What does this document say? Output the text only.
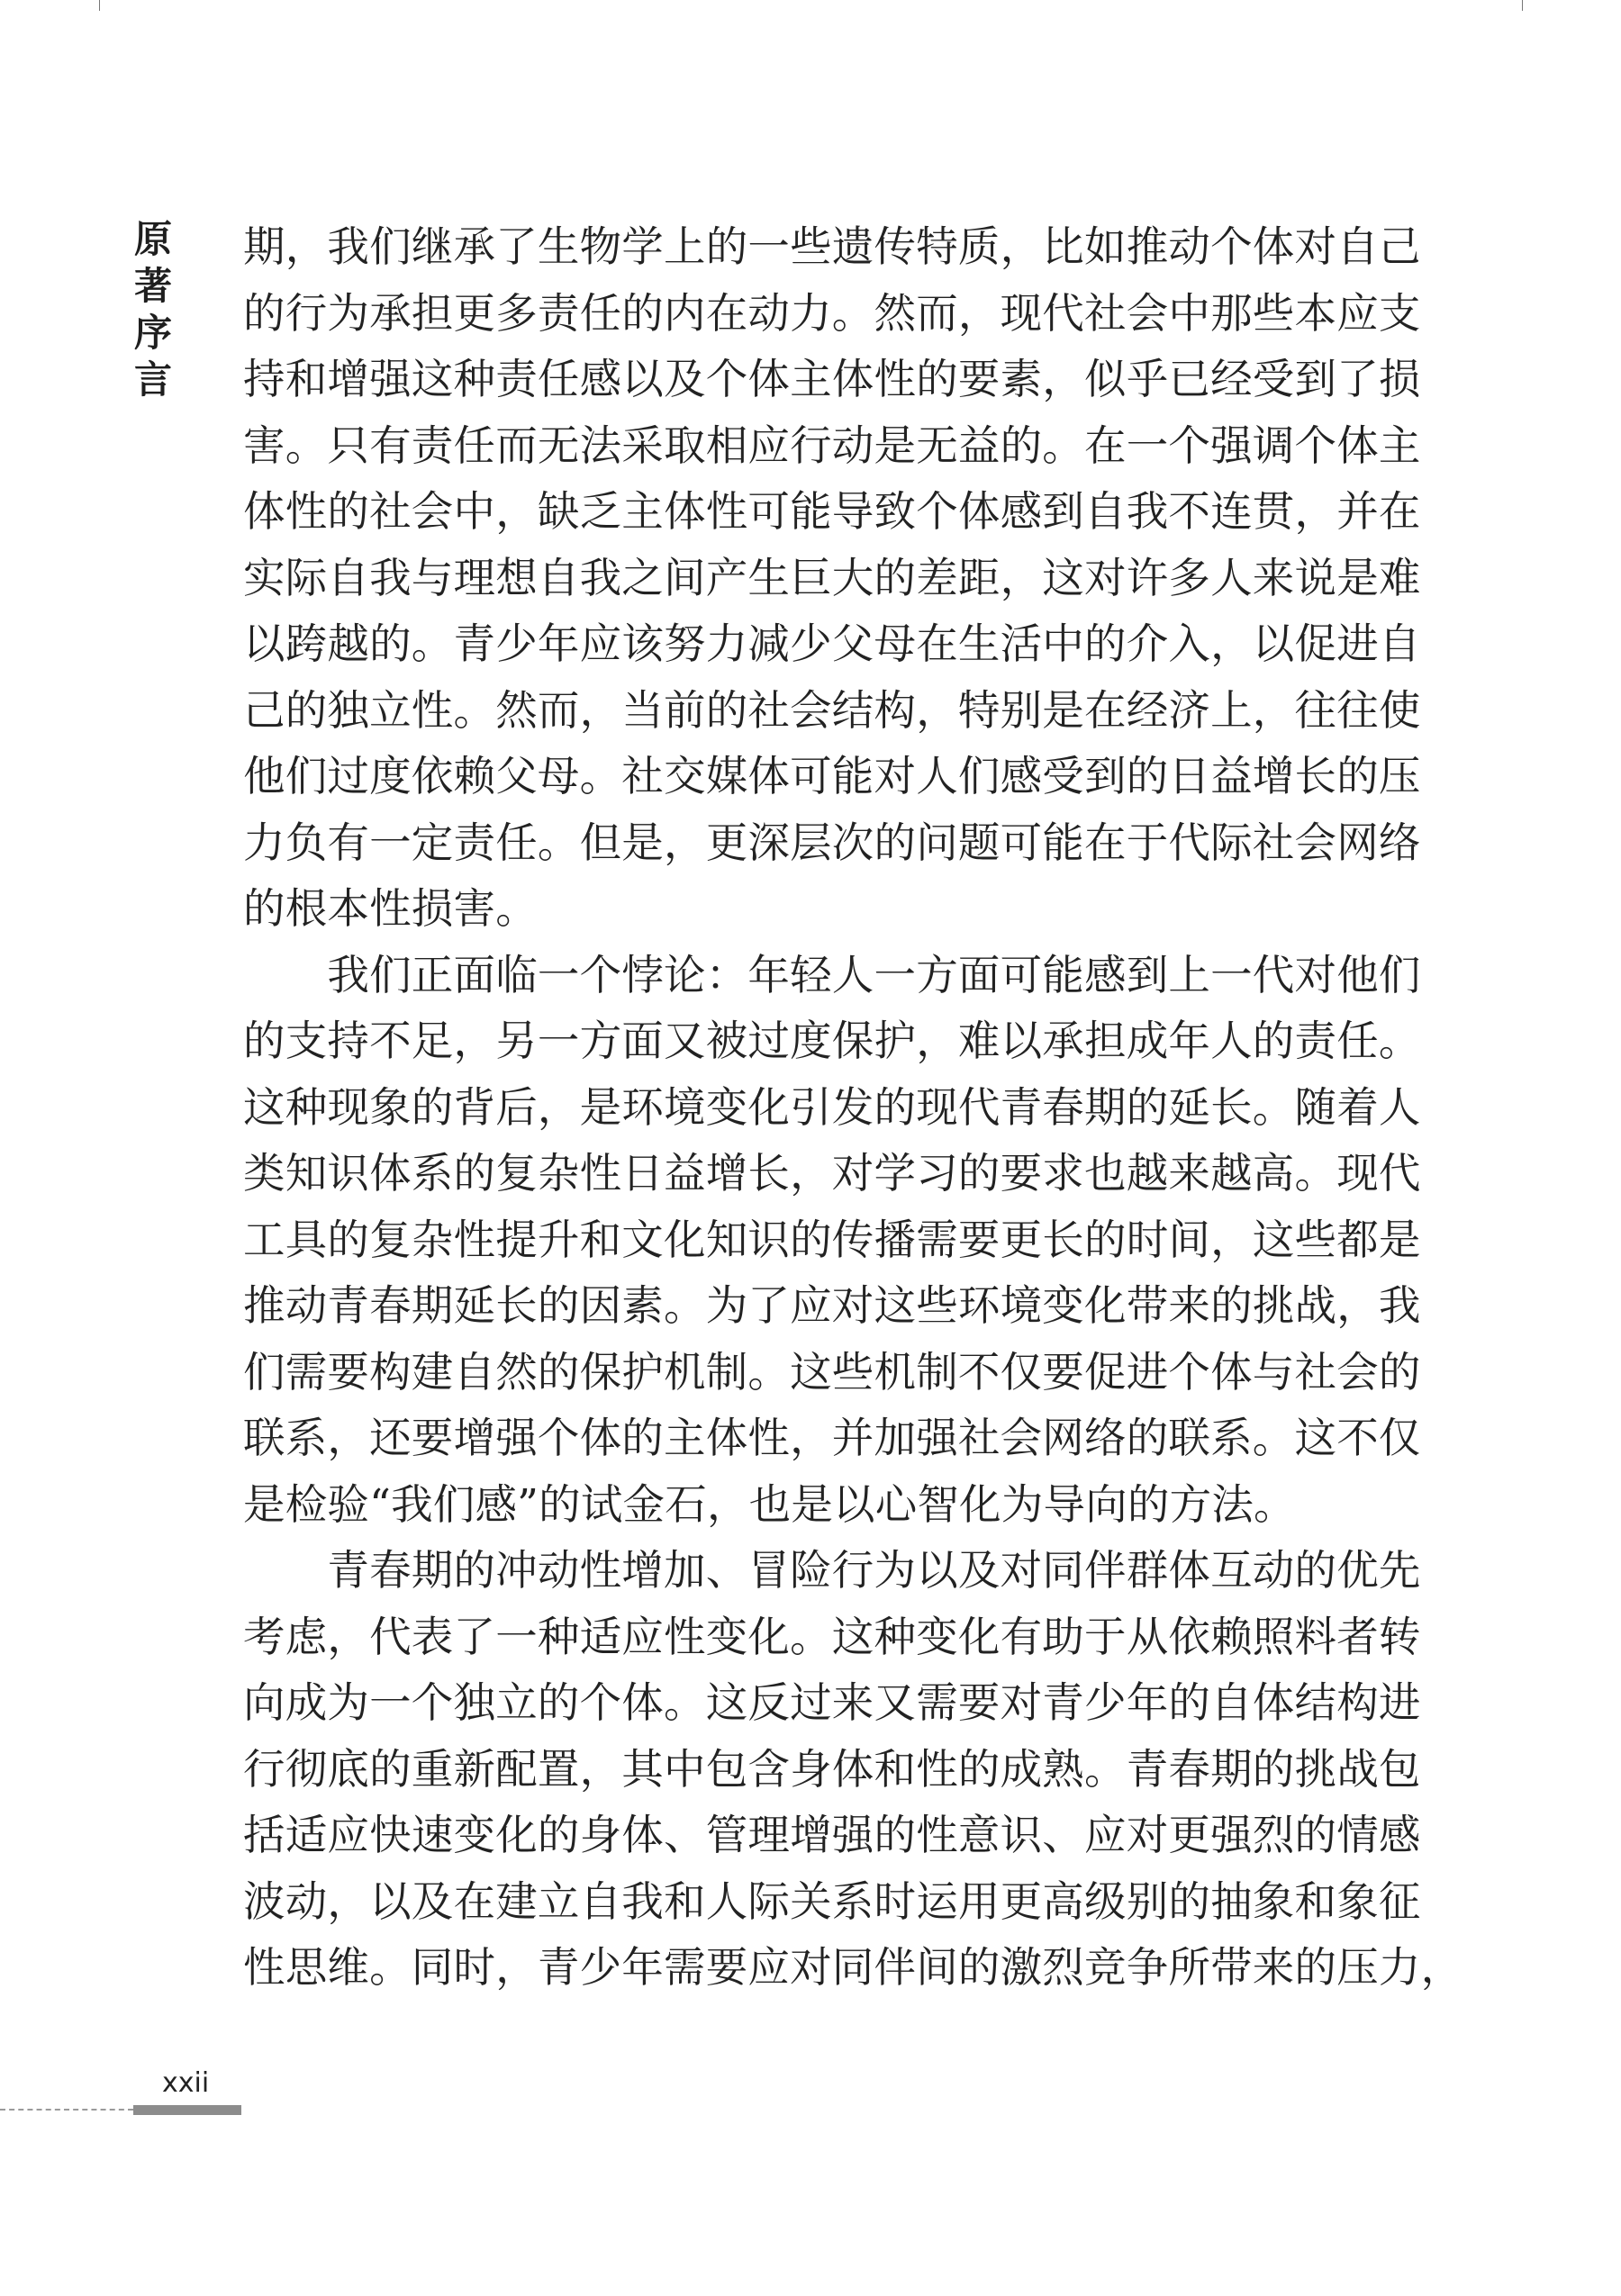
原
著
序
言

期，我们继承了生物学上的一些遗传特质，比如推动个体对自己
的行为承担更多责任的内在动力。然而，现代社会中那些本应支
持和增强这种责任感以及个体主体性的要素，似乎已经受到了损
害。只有责任而无法采取相应行动是无益的。在一个强调个体主
体性的社会中，缺乏主体性可能导致个体感到自我不连贯，并在
实际自我与理想自我之间产生巨大的差距，这对许多人来说是难
以跨越的。青少年应该努力减少父母在生活中的介入，以促进自
己的独立性。然而，当前的社会结构，特别是在经济上，往往使
他们过度依赖父母。社交媒体可能对人们感受到的日益增长的压
力负有一定责任。但是，更深层次的问题可能在于代际社会网络
的根本性损害。

　　我们正面临一个悖论：年轻人一方面可能感到上一代对他们
的支持不足，另一方面又被过度保护，难以承担成年人的责任。
这种现象的背后，是环境变化引发的现代青春期的延长。随着人
类知识体系的复杂性日益增长，对学习的要求也越来越高。现代
工具的复杂性提升和文化知识的传播需要更长的时间，这些都是
推动青春期延长的因素。为了应对这些环境变化带来的挑战，我
们需要构建自然的保护机制。这些机制不仅要促进个体与社会的
联系，还要增强个体的主体性，并加强社会网络的联系。这不仅
是检验“我们感”的试金石，也是以心智化为导向的方法。

　　青春期的冲动性增加、冒险行为以及对同伴群体互动的优先
考虑，代表了一种适应性变化。这种变化有助于从依赖照料者转
向成为一个独立的个体。这反过来又需要对青少年的自体结构进
行彻底的重新配置，其中包含身体和性的成熟。青春期的挑战包
括适应快速变化的身体、管理增强的性意识、应对更强烈的情感
波动，以及在建立自我和人际关系时运用更高级别的抽象和象征
性思维。同时，青少年需要应对同伴间的激烈竞争所带来的压力，

xxii
